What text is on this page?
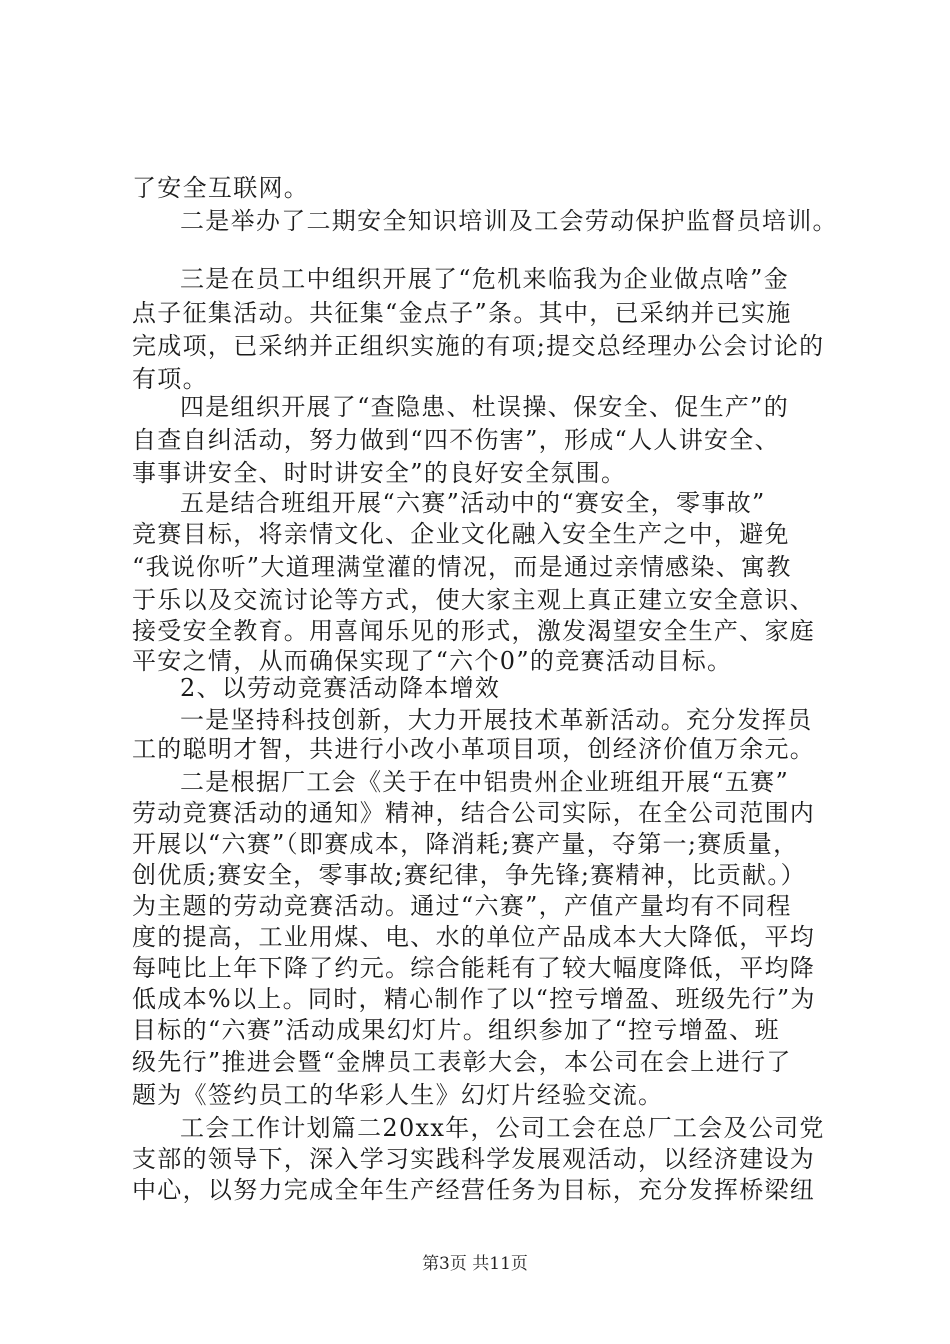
了安全互联网。
二是举办了二期安全知识培训及工会劳动保护监督员培训。
三是在员工中组织开展了“危机来临我为企业做点啥”金
点子征集活动。共征集“金点子”条。其中，已采纳并已实施
完成项，已采纳并正组织实施的有项;提交总经理办公会讨论的
有项。
四是组织开展了“查隐患、杜误操、保安全、促生产”的
自查自纠活动，努力做到“四不伤害”，形成“人人讲安全、
事事讲安全、时时讲安全”的良好安全氛围。
五是结合班组开展“六赛”活动中的“赛安全，零事故”
竞赛目标，将亲情文化、企业文化融入安全生产之中，避免
“我说你听”大道理满堂灌的情况，而是通过亲情感染、寓教
于乐以及交流讨论等方式，使大家主观上真正建立安全意识、
接受安全教育。用喜闻乐见的形式，激发渴望安全生产、家庭
平安之情，从而确保实现了“六个0”的竞赛活动目标。
2、以劳动竞赛活动降本增效
一是坚持科技创新，大力开展技术革新活动。充分发挥员
工的聪明才智，共进行小改小革项目项，创经济价值万余元。
二是根据厂工会《关于在中铝贵州企业班组开展“五赛”
劳动竞赛活动的通知》精神，结合公司实际，在全公司范围内
开展以“六赛”（即赛成本，降消耗;赛产量，夺第一;赛质量，
创优质;赛安全，零事故;赛纪律，争先锋;赛精神，比贡献。）
为主题的劳动竞赛活动。通过“六赛”，产值产量均有不同程
度的提高，工业用煤、电、水的单位产品成本大大降低，平均
每吨比上年下降了约元。综合能耗有了较大幅度降低，平均降
低成本%以上。同时，精心制作了以“控亏增盈、班级先行”为
目标的“六赛”活动成果幻灯片。组织参加了“控亏增盈、班
级先行”推进会暨“金牌员工表彰大会，本公司在会上进行了
题为《签约员工的华彩人生》幻灯片经验交流。
工会工作计划篇二20xx年，公司工会在总厂工会及公司党
支部的领导下，深入学习实践科学发展观活动，以经济建设为
中心，以努力完成全年生产经营任务为目标，充分发挥桥梁纽
第3页 共11页
